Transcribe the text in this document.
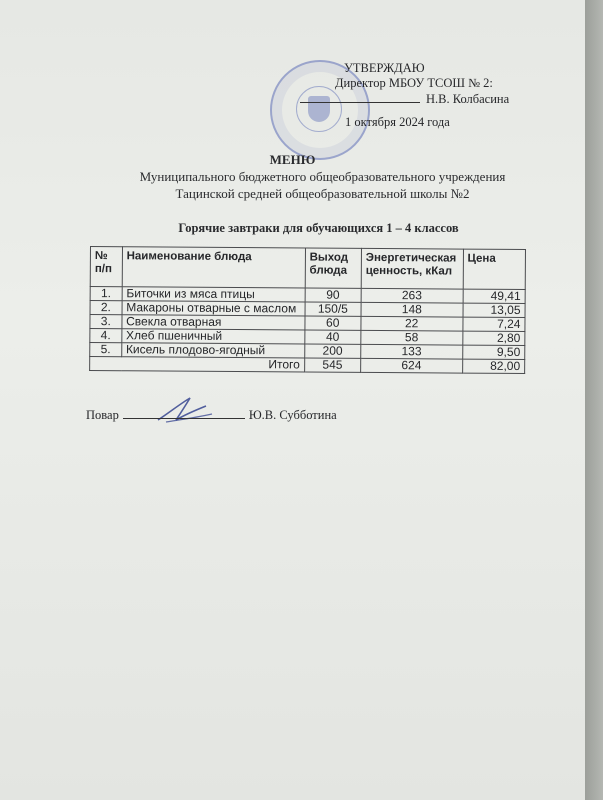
УТВЕРЖДАЮ
Директор МБОУ ТСОШ № 2:
Н.В. Колбасина
1 октября 2024 года
МЕНЮ
Муниципального бюджетного общеобразовательного учреждения
Тацинской средней общеобразовательной школы №2
Горячие завтраки для обучающихся 1 – 4 классов
№ п/п	Наименование блюда	Выход блюда	Энергетическая ценность, кКал	Цена
1.	Биточки из мяса птицы	90	263	49,41
2.	Макароны отварные с маслом	150/5	148	13,05
3.	Свекла отварная	60	22	7,24
4.	Хлеб пшеничный	40	58	2,80
5.	Кисель плодово-ягодный	200	133	9,50
Итого		545	624	82,00
Повар	Ю.В. Субботина
